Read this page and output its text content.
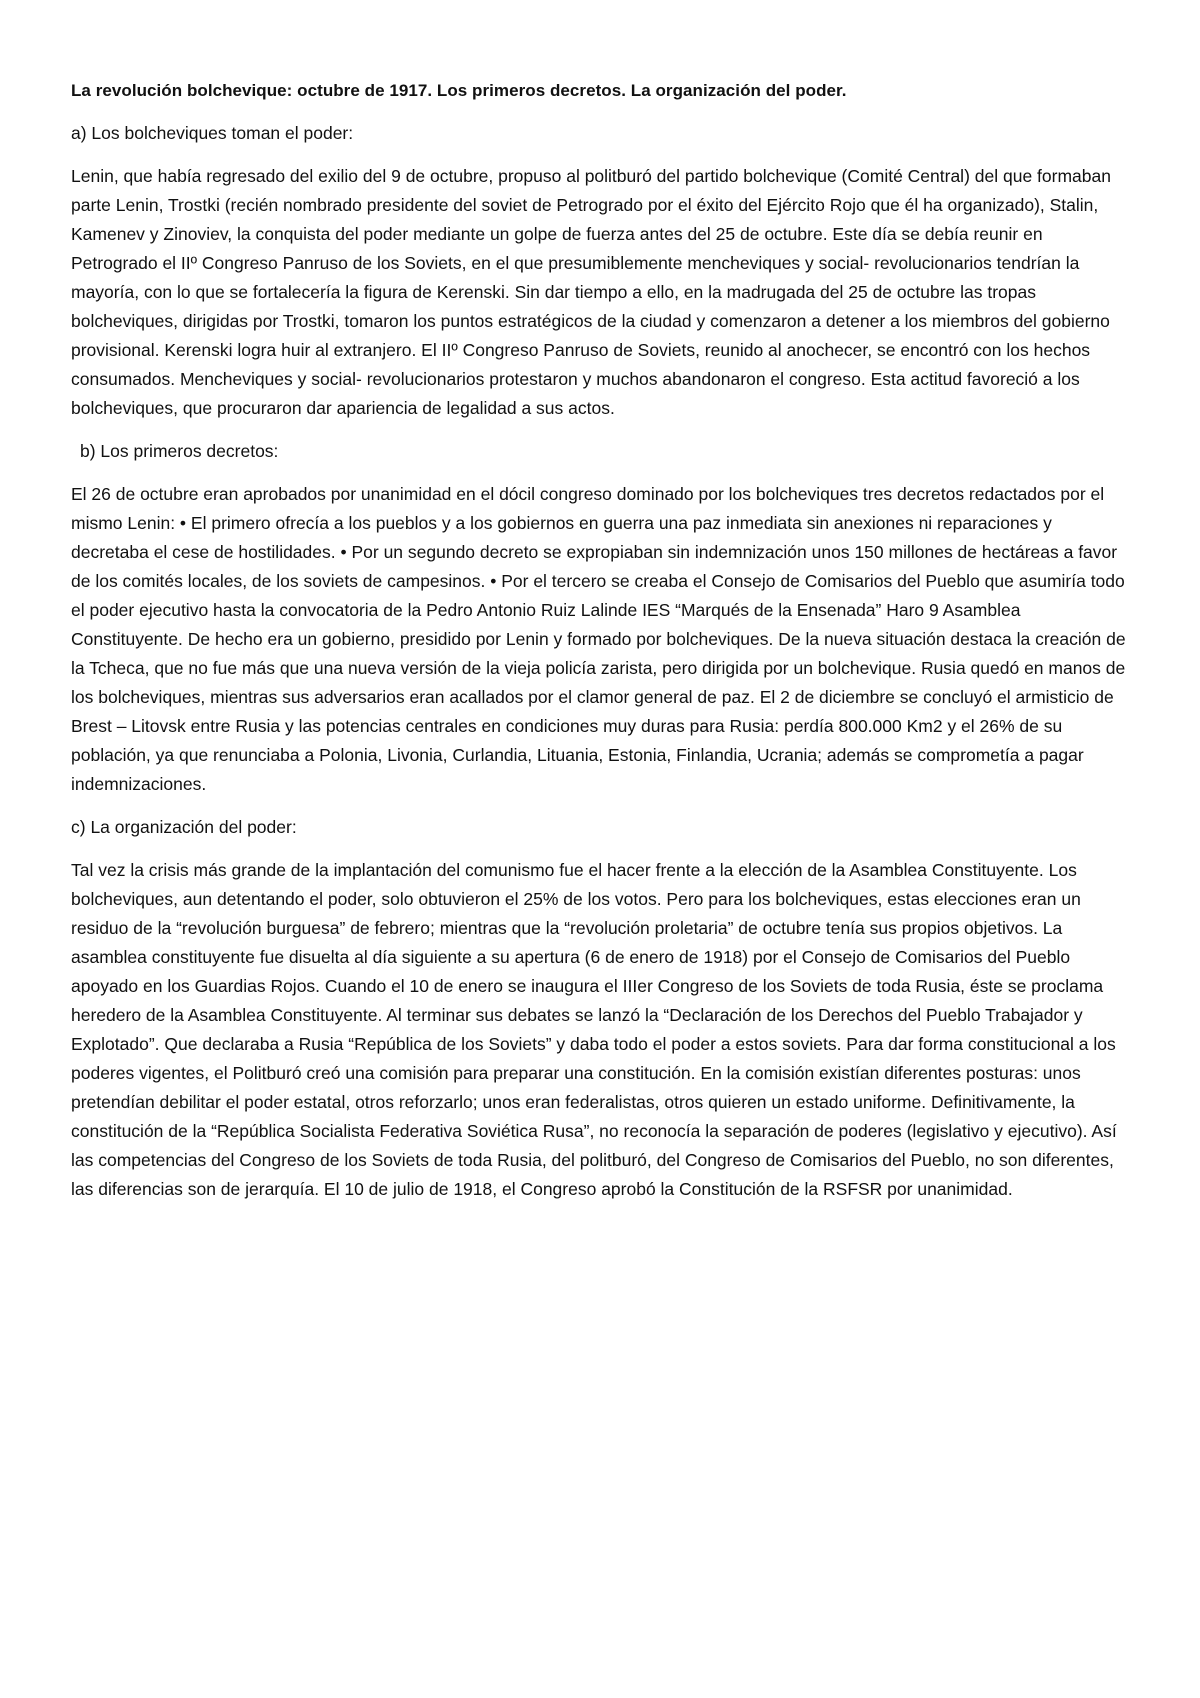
La revolución bolchevique: octubre de 1917. Los primeros decretos. La organización del poder.
a) Los bolcheviques toman el poder:
Lenin, que había regresado del exilio del 9 de octubre, propuso al politburó del partido bolchevique (Comité Central) del que formaban parte Lenin, Trostki (recién nombrado presidente del soviet de Petrogrado por el éxito del Ejército Rojo que él ha organizado), Stalin, Kamenev y Zinoviev, la conquista del poder mediante un golpe de fuerza antes del 25 de octubre. Este día se debía reunir en Petrogrado el IIº Congreso Panruso de los Soviets, en el que presumiblemente mencheviques y social- revolucionarios tendrían la mayoría, con lo que se fortalecería la figura de Kerenski. Sin dar tiempo a ello, en la madrugada del 25 de octubre las tropas bolcheviques, dirigidas por Trostki, tomaron los puntos estratégicos de la ciudad y comenzaron a detener a los miembros del gobierno provisional. Kerenski logra huir al extranjero. El IIº Congreso Panruso de Soviets, reunido al anochecer, se encontró con los hechos consumados. Mencheviques y social- revolucionarios protestaron y muchos abandonaron el congreso. Esta actitud favoreció a los bolcheviques, que procuraron dar apariencia de legalidad a sus actos.
b) Los primeros decretos:
El 26 de octubre eran aprobados por unanimidad en el dócil congreso dominado por los bolcheviques tres decretos redactados por el mismo Lenin: • El primero ofrecía a los pueblos y a los gobiernos en guerra una paz inmediata sin anexiones ni reparaciones y decretaba el cese de hostilidades. • Por un segundo decreto se expropiaban sin indemnización unos 150 millones de hectáreas a favor de los comités locales, de los soviets de campesinos. • Por el tercero se creaba el Consejo de Comisarios del Pueblo que asumiría todo el poder ejecutivo hasta la convocatoria de la Pedro Antonio Ruiz Lalinde IES “Marqués de la Ensenada” Haro 9 Asamblea Constituyente. De hecho era un gobierno, presidido por Lenin y formado por bolcheviques. De la nueva situación destaca la creación de la Tcheca, que no fue más que una nueva versión de la vieja policía zarista, pero dirigida por un bolchevique. Rusia quedó en manos de los bolcheviques, mientras sus adversarios eran acallados por el clamor general de paz. El 2 de diciembre se concluyó el armisticio de Brest – Litovsk entre Rusia y las potencias centrales en condiciones muy duras para Rusia: perdía 800.000 Km2 y el 26% de su población, ya que renunciaba a Polonia, Livonia, Curlandia, Lituania, Estonia, Finlandia, Ucrania; además se comprometía a pagar indemnizaciones.
c) La organización del poder:
Tal vez la crisis más grande de la implantación del comunismo fue el hacer frente a la elección de la Asamblea Constituyente. Los bolcheviques, aun detentando el poder, solo obtuvieron el 25% de los votos. Pero para los bolcheviques, estas elecciones eran un residuo de la “revolución burguesa” de febrero; mientras que la “revolución proletaria” de octubre tenía sus propios objetivos. La asamblea constituyente fue disuelta al día siguiente a su apertura (6 de enero de 1918) por el Consejo de Comisarios del Pueblo apoyado en los Guardias Rojos. Cuando el 10 de enero se inaugura el IIIer Congreso de los Soviets de toda Rusia, éste se proclama heredero de la Asamblea Constituyente. Al terminar sus debates se lanzó la “Declaración de los Derechos del Pueblo Trabajador y Explotado”. Que declaraba a Rusia “República de los Soviets” y daba todo el poder a estos soviets. Para dar forma constitucional a los poderes vigentes, el Politburó creó una comisión para preparar una constitución. En la comisión existían diferentes posturas: unos pretendían debilitar el poder estatal, otros reforzarlo; unos eran federalistas, otros quieren un estado uniforme. Definitivamente, la constitución de la “República Socialista Federativa Soviética Rusa”, no reconocía la separación de poderes (legislativo y ejecutivo). Así las competencias del Congreso de los Soviets de toda Rusia, del politburó, del Congreso de Comisarios del Pueblo, no son diferentes, las diferencias son de jerarquía. El 10 de julio de 1918, el Congreso aprobó la Constitución de la RSFSR por unanimidad.
